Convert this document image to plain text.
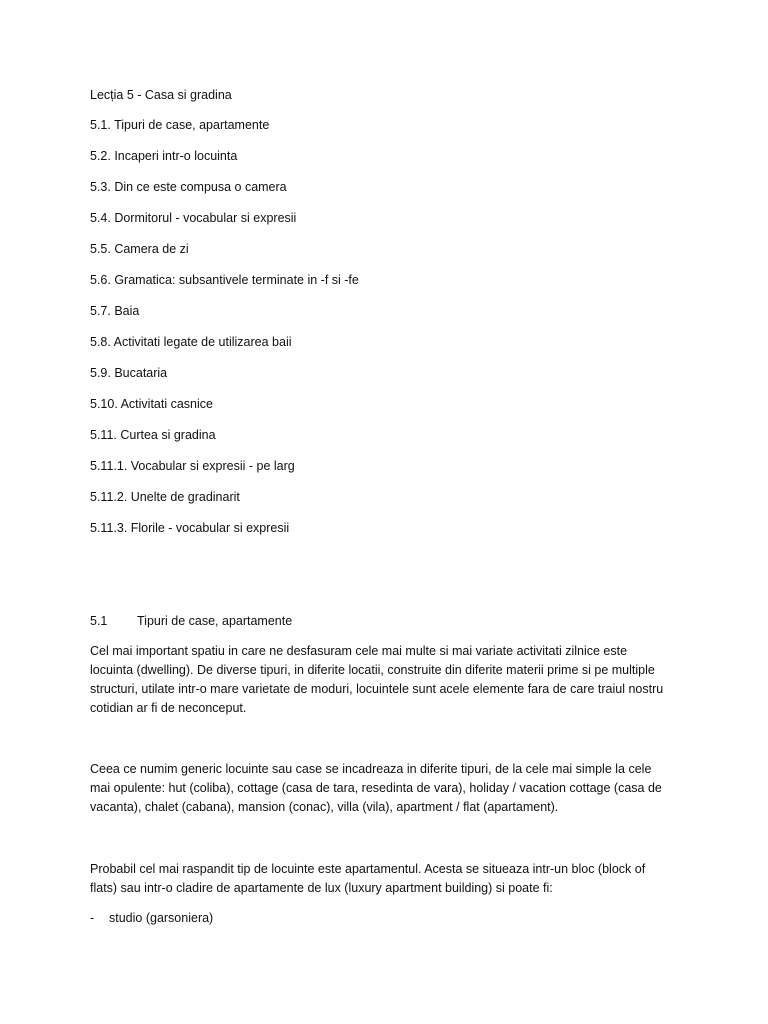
Lecția 5 - Casa si gradina
5.1. Tipuri de case, apartamente
5.2. Incaperi intr-o locuinta
5.3. Din ce este compusa o camera
5.4. Dormitorul - vocabular si expresii
5.5. Camera de zi
5.6. Gramatica: subsantivele terminate in -f si -fe
5.7. Baia
5.8. Activitati legate de utilizarea baii
5.9. Bucataria
5.10. Activitati casnice
5.11. Curtea si gradina
5.11.1. Vocabular si expresii - pe larg
5.11.2. Unelte de gradinarit
5.11.3. Florile - vocabular si expresii
5.1 Tipuri de case, apartamente
Cel mai important spatiu in care ne desfasuram cele mai multe si mai variate activitati zilnice este locuinta (dwelling). De diverse tipuri, in diferite locatii, construite din diferite materii prime si pe multiple structuri, utilate intr-o mare varietate de moduri, locuintele sunt acele elemente fara de care traiul nostru cotidian ar fi de neconceput.
Ceea ce numim generic locuinte sau case se incadreaza in diferite tipuri, de la cele mai simple la cele mai opulente: hut (coliba), cottage (casa de tara, resedinta de vara), holiday / vacation cottage (casa de vacanta), chalet (cabana), mansion (conac), villa (vila), apartment / flat (apartament).
Probabil cel mai raspandit tip de locuinte este apartamentul. Acesta se situeaza intr-un bloc (block of flats) sau intr-o cladire de apartamente de lux (luxury apartment building) si poate fi:
- studio (garsoniera)
